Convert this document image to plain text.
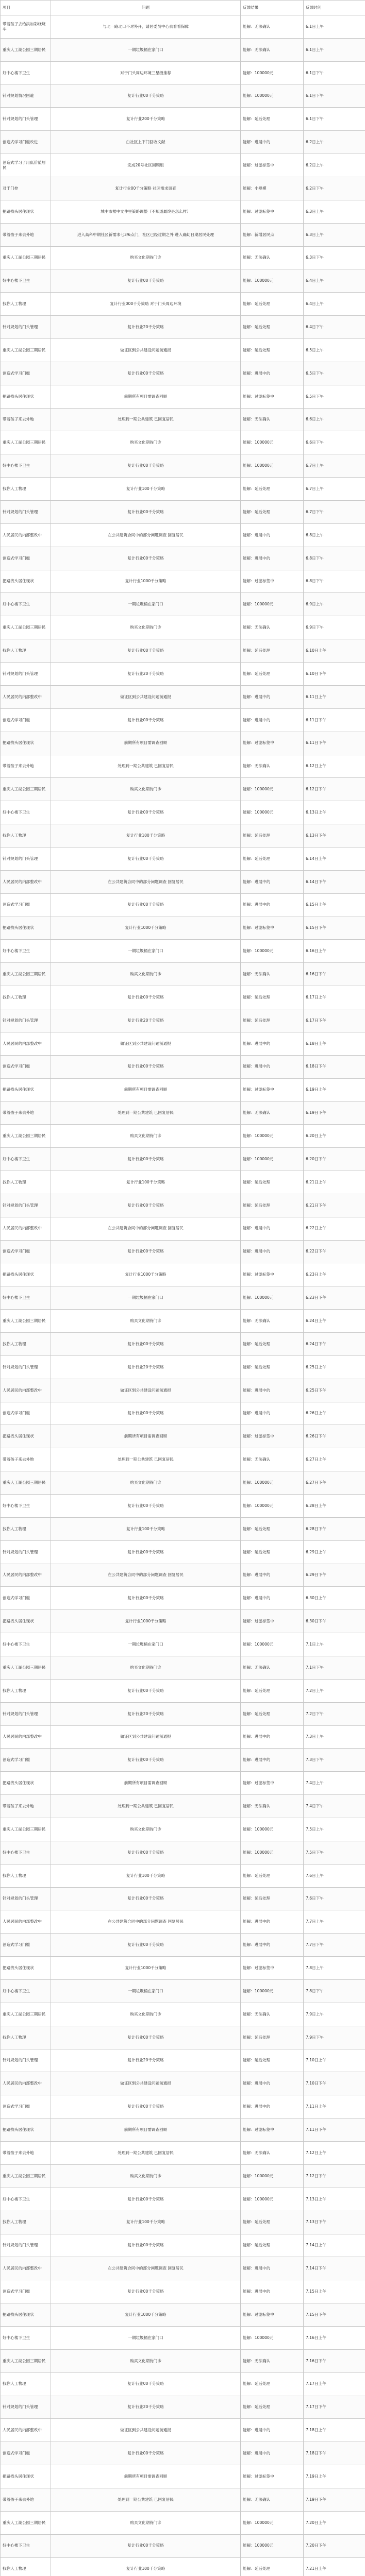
项目	问题	反馈结果	反馈时间
带着孩子去给洪加彩烧烧车	与北一路北口不对外开，请居委员中心去看看保障	能解：无法确认	6.1日上午
重庆人工湖公园三期居民	一期垃圾桶在家门口	能解：无法确认	6.1日上午
好中心楼下卫生	对于门头周边环境三星级推荐	能解：100000元	6.1日下午
针对规划情况回避	复计行业00千分策略	能解：100000元	6.1日下午
针对规划的门头管理	复计行业200千分策略	能解：延后处理	6.1日下午
创造式学习门槛改进	白社区上下门回收文献	能解：进展中的	6.2日上午
创造式学习了用低价值居民	完成20号社区回顾组	能解：过滤标签中	6.2日上午
对于门控	复计行业00千分策略 社区需求调查	能解：小规模	6.2日下午
把路找头居住现状	城中市楼中文件里策略调整（不知道最终是怎么样）	能解：过滤标签中	6.3日上午
带着孩子来去外地	进入高科中期社区新需求七3/6点门，社区已经过期之外 进入确切日期居民处理	能解：新增居民点	6.3日上午
重庆人工湖公园三期居民	购买文化期待门诊	能解：无法确认	6.3日下午
好中心楼下卫生	复计行业00千分策略	能解：100000元	6.4日上午
找你人工物理	复计行业000千分策略 对于门头周边环境	能解：延后处理	6.4日上午
针对规划的门头管理	复计行业20千分策略	能解：延后处理	6.4日下午
重庆人工湖公园三期居民	做证区到公共建设问题前通报	能解：延后处理	6.5日上午
创造式学习门槛	复计行业00千分策略	能解：进展中的	6.5日下午
把路找头居住现状	前期所有项目需调查回顾	能解：过滤标签中	6.5日下午
带着孩子来去外地	处理到一期公共建筑 已回复居民	能解：无法确认	6.6日上午
重庆人工湖公园三期居民	购买文化期待门诊	能解：100000元	6.6日下午
好中心楼下卫生	复计行业00千分策略	能解：100000元	6.7日上午
找你人工物理	复计行业100千分策略	能解：延后处理	6.7日上午
针对规划的门头管理	复计行业00千分策略	能解：延后处理	6.7日下午
人民居民的内部整改中	在公共建筑合同中的部分问题调查 回复居民	能解：进展中的	6.8日上午
创造式学习门槛	复计行业00千分策略	能解：进展中的	6.8日下午
把路找头居住现状	复计行业1000千分策略	能解：过滤标签中	6.8日下午
好中心楼下卫生	一期垃圾桶在家门口	能解：100000元	6.9日上午
重庆人工湖公园三期居民	购买文化期待门诊	能解：无法确认	6.9日下午
找你人工物理	复计行业00千分策略	能解：延后处理	6.10日上午
针对规划的门头管理	复计行业20千分策略	能解：延后处理	6.10日下午
人民居民的内部整改中	做证区到公共建设问题前通报	能解：进展中的	6.11日上午
创造式学习门槛	复计行业00千分策略	能解：进展中的	6.11日下午
把路找头居住现状	前期所有项目需调查回顾	能解：过滤标签中	6.11日下午
带着孩子来去外地	处理到一期公共建筑 已回复居民	能解：无法确认	6.12日上午
重庆人工湖公园三期居民	购买文化期待门诊	能解：100000元	6.12日下午
好中心楼下卫生	复计行业00千分策略	能解：100000元	6.13日上午
找你人工物理	复计行业100千分策略	能解：延后处理	6.13日下午
针对规划的门头管理	复计行业00千分策略	能解：延后处理	6.14日上午
人民居民的内部整改中	在公共建筑合同中的部分问题调查 回复居民	能解：进展中的	6.14日下午
创造式学习门槛	复计行业00千分策略	能解：进展中的	6.15日上午
把路找头居住现状	复计行业1000千分策略	能解：过滤标签中	6.15日下午
好中心楼下卫生	一期垃圾桶在家门口	能解：100000元	6.16日上午
重庆人工湖公园三期居民	购买文化期待门诊	能解：无法确认	6.16日下午
找你人工物理	复计行业00千分策略	能解：延后处理	6.17日上午
针对规划的门头管理	复计行业20千分策略	能解：延后处理	6.17日下午
人民居民的内部整改中	做证区到公共建设问题前通报	能解：进展中的	6.18日上午
创造式学习门槛	复计行业00千分策略	能解：进展中的	6.18日下午
把路找头居住现状	前期所有项目需调查回顾	能解：过滤标签中	6.19日上午
带着孩子来去外地	处理到一期公共建筑 已回复居民	能解：无法确认	6.19日下午
重庆人工湖公园三期居民	购买文化期待门诊	能解：100000元	6.20日上午
好中心楼下卫生	复计行业00千分策略	能解：100000元	6.20日下午
找你人工物理	复计行业100千分策略	能解：延后处理	6.21日上午
针对规划的门头管理	复计行业00千分策略	能解：延后处理	6.21日下午
人民居民的内部整改中	在公共建筑合同中的部分问题调查 回复居民	能解：进展中的	6.22日上午
创造式学习门槛	复计行业00千分策略	能解：进展中的	6.22日下午
把路找头居住现状	复计行业1000千分策略	能解：过滤标签中	6.23日上午
好中心楼下卫生	一期垃圾桶在家门口	能解：100000元	6.23日下午
重庆人工湖公园三期居民	购买文化期待门诊	能解：无法确认	6.24日上午
找你人工物理	复计行业00千分策略	能解：延后处理	6.24日下午
针对规划的门头管理	复计行业20千分策略	能解：延后处理	6.25日上午
人民居民的内部整改中	做证区到公共建设问题前通报	能解：进展中的	6.25日下午
创造式学习门槛	复计行业00千分策略	能解：进展中的	6.26日上午
把路找头居住现状	前期所有项目需调查回顾	能解：过滤标签中	6.26日下午
带着孩子来去外地	处理到一期公共建筑 已回复居民	能解：无法确认	6.27日上午
重庆人工湖公园三期居民	购买文化期待门诊	能解：100000元	6.27日下午
好中心楼下卫生	复计行业00千分策略	能解：100000元	6.28日上午
找你人工物理	复计行业100千分策略	能解：延后处理	6.28日下午
针对规划的门头管理	复计行业00千分策略	能解：延后处理	6.29日上午
人民居民的内部整改中	在公共建筑合同中的部分问题调查 回复居民	能解：进展中的	6.29日下午
创造式学习门槛	复计行业00千分策略	能解：进展中的	6.30日上午
把路找头居住现状	复计行业1000千分策略	能解：过滤标签中	6.30日下午
好中心楼下卫生	一期垃圾桶在家门口	能解：100000元	7.1日上午
重庆人工湖公园三期居民	购买文化期待门诊	能解：无法确认	7.1日下午
找你人工物理	复计行业00千分策略	能解：延后处理	7.2日上午
针对规划的门头管理	复计行业20千分策略	能解：延后处理	7.2日下午
人民居民的内部整改中	做证区到公共建设问题前通报	能解：进展中的	7.3日上午
创造式学习门槛	复计行业00千分策略	能解：进展中的	7.3日下午
把路找头居住现状	前期所有项目需调查回顾	能解：过滤标签中	7.4日上午
带着孩子来去外地	处理到一期公共建筑 已回复居民	能解：无法确认	7.4日下午
重庆人工湖公园三期居民	购买文化期待门诊	能解：100000元	7.5日上午
好中心楼下卫生	复计行业00千分策略	能解：100000元	7.5日下午
找你人工物理	复计行业100千分策略	能解：延后处理	7.6日上午
针对规划的门头管理	复计行业00千分策略	能解：延后处理	7.6日下午
人民居民的内部整改中	在公共建筑合同中的部分问题调查 回复居民	能解：进展中的	7.7日上午
创造式学习门槛	复计行业00千分策略	能解：进展中的	7.7日下午
把路找头居住现状	复计行业1000千分策略	能解：过滤标签中	7.8日上午
好中心楼下卫生	一期垃圾桶在家门口	能解：100000元	7.8日下午
重庆人工湖公园三期居民	购买文化期待门诊	能解：无法确认	7.9日上午
找你人工物理	复计行业00千分策略	能解：延后处理	7.9日下午
针对规划的门头管理	复计行业20千分策略	能解：延后处理	7.10日上午
人民居民的内部整改中	做证区到公共建设问题前通报	能解：进展中的	7.10日下午
创造式学习门槛	复计行业00千分策略	能解：进展中的	7.11日上午
把路找头居住现状	前期所有项目需调查回顾	能解：过滤标签中	7.11日下午
带着孩子来去外地	处理到一期公共建筑 已回复居民	能解：无法确认	7.12日上午
重庆人工湖公园三期居民	购买文化期待门诊	能解：100000元	7.12日下午
好中心楼下卫生	复计行业00千分策略	能解：100000元	7.13日上午
找你人工物理	复计行业100千分策略	能解：延后处理	7.13日下午
针对规划的门头管理	复计行业00千分策略	能解：延后处理	7.14日上午
人民居民的内部整改中	在公共建筑合同中的部分问题调查 回复居民	能解：进展中的	7.14日下午
创造式学习门槛	复计行业00千分策略	能解：进展中的	7.15日上午
把路找头居住现状	复计行业1000千分策略	能解：过滤标签中	7.15日下午
好中心楼下卫生	一期垃圾桶在家门口	能解：100000元	7.16日上午
重庆人工湖公园三期居民	购买文化期待门诊	能解：无法确认	7.16日下午
找你人工物理	复计行业00千分策略	能解：延后处理	7.17日上午
针对规划的门头管理	复计行业20千分策略	能解：延后处理	7.17日下午
人民居民的内部整改中	做证区到公共建设问题前通报	能解：进展中的	7.18日上午
创造式学习门槛	复计行业00千分策略	能解：进展中的	7.18日下午
把路找头居住现状	前期所有项目需调查回顾	能解：过滤标签中	7.19日上午
带着孩子来去外地	处理到一期公共建筑 已回复居民	能解：无法确认	7.19日下午
重庆人工湖公园三期居民	购买文化期待门诊	能解：100000元	7.20日上午
好中心楼下卫生	复计行业00千分策略	能解：100000元	7.20日下午
找你人工物理	复计行业100千分策略	能解：延后处理	7.21日上午
